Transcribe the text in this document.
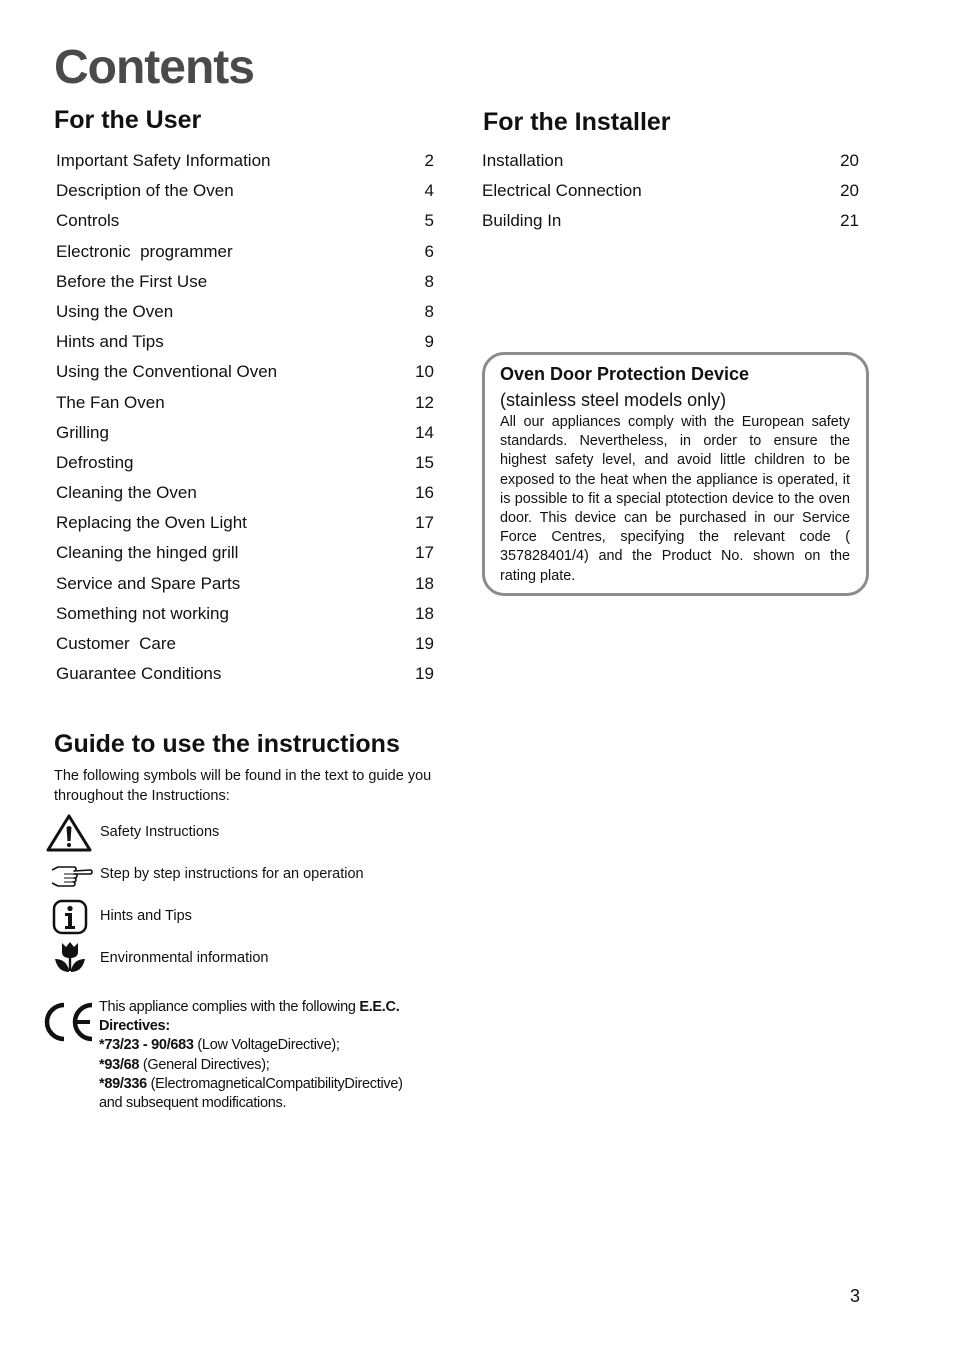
Contents
For the User
Important Safety Information	2
Description of the Oven	4
Controls	5
Electronic  programmer	6
Before the First Use	8
Using the Oven	8
Hints and Tips	9
Using the Conventional Oven	10
The Fan Oven	12
Grilling	14
Defrosting	15
Cleaning the Oven	16
Replacing the Oven Light	17
Cleaning the hinged grill	17
Service and Spare Parts	18
Something not working	18
Customer  Care	19
Guarantee Conditions	19
For the Installer
Installation	20
Electrical Connection	20
Building In	21

Oven Door Protection Device

(stainless steel models only)

All our appliances comply with the European safety standards. Nevertheless, in order to ensure the highest safety level, and avoid little children to be exposed to the heat when the appliance is operated, it is possible to fit a special ptotection device to the oven door. This device can be purchased in our Service Force Centres, specifying the relevant code ( 357828401/4) and the Product No. shown on the rating plate.

Guide to use the instructions

The following symbols will be found in the text to guide you throughout the Instructions:

Safety Instructions
Step by step instructions for an operation
Hints and Tips
Environmental information
This appliance complies with the following E.E.C. Directives:
*73/23 - 90/683 (Low VoltageDirective);
*93/68 (General Directives);
*89/336 (ElectromagneticalCompatibilityDirective)
and subsequent modifications.
3
